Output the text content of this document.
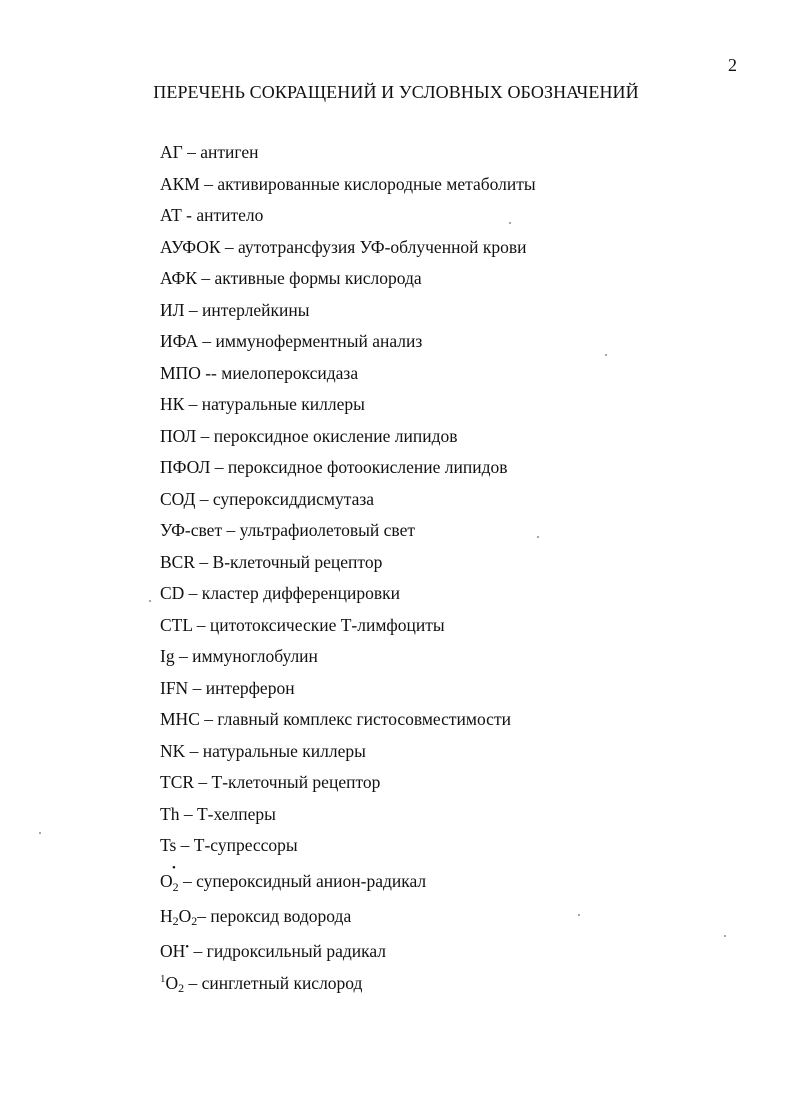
2
ПЕРЕЧЕНЬ СОКРАЩЕНИЙ И УСЛОВНЫХ ОБОЗНАЧЕНИЙ
АГ – антиген
АКМ – активированные кислородные метаболиты
АТ - антитело
АУФОК – аутотрансфузия УФ-облученной крови
АФК – активные формы кислорода
ИЛ – интерлейкины
ИФА – иммуноферментный анализ
МПО -- миелопероксидаза
НК – натуральные киллеры
ПОЛ – пероксидное окисление липидов
ПФОЛ – пероксидное фотоокисление липидов
СОД – супероксиддисмутаза
УФ-свет – ультрафиолетовый свет
BCR – В-клеточный рецептор
CD – кластер дифференцировки
CTL – цитотоксические Т-лимфоциты
Ig – иммуноглобулин
IFN – интерферон
MHC – главный комплекс гистосовместимости
NK – натуральные киллеры
TCR – Т-клеточный рецептор
Th – Т-хелперы
Ts – Т-супрессоры
$O_2$
•
– супероксидный анион-радикал
$H_2O_2-$ пероксид водорода
OH• – гидроксильный радикал
$^1O_2$ – синглетный кислород
